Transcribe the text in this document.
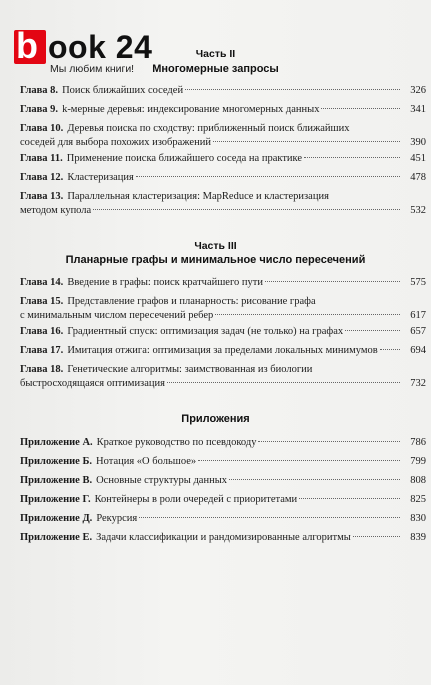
b ook 24
Мы любим книги!
Часть II
Многомерные запросы
Глава 8. Поиск ближайших соседей	326
Глава 9. k-мерные деревья: индексирование многомерных данных	341
Глава 10. Деревья поиска по сходству: приближенный поиск ближайших
соседей для выбора похожих изображений	390
Глава 11. Применение поиска ближайшего соседа на практике	451
Глава 12. Кластеризация	478
Глава 13. Параллельная кластеризация: MapReduce и кластеризация
методом купола	532
Часть III
Планарные графы и минимальное число пересечений
Глава 14. Введение в графы: поиск кратчайшего пути	575
Глава 15. Представление графов и планарность: рисование графа
с минимальным числом пересечений ребер	617
Глава 16. Градиентный спуск: оптимизация задач (не только) на графах	657
Глава 17. Имитация отжига: оптимизация за пределами локальных минимумов	694
Глава 18. Генетические алгоритмы: заимствованная из биологии
быстросходящаяся оптимизация	732
Приложения
Приложение А. Краткое руководство по псевдокоду	786
Приложение Б. Нотация «О большое»	799
Приложение В. Основные структуры данных	808
Приложение Г. Контейнеры в роли очередей с приоритетами	825
Приложение Д. Рекурсия	830
Приложение Е. Задачи классификации и рандомизированные алгоритмы	839
